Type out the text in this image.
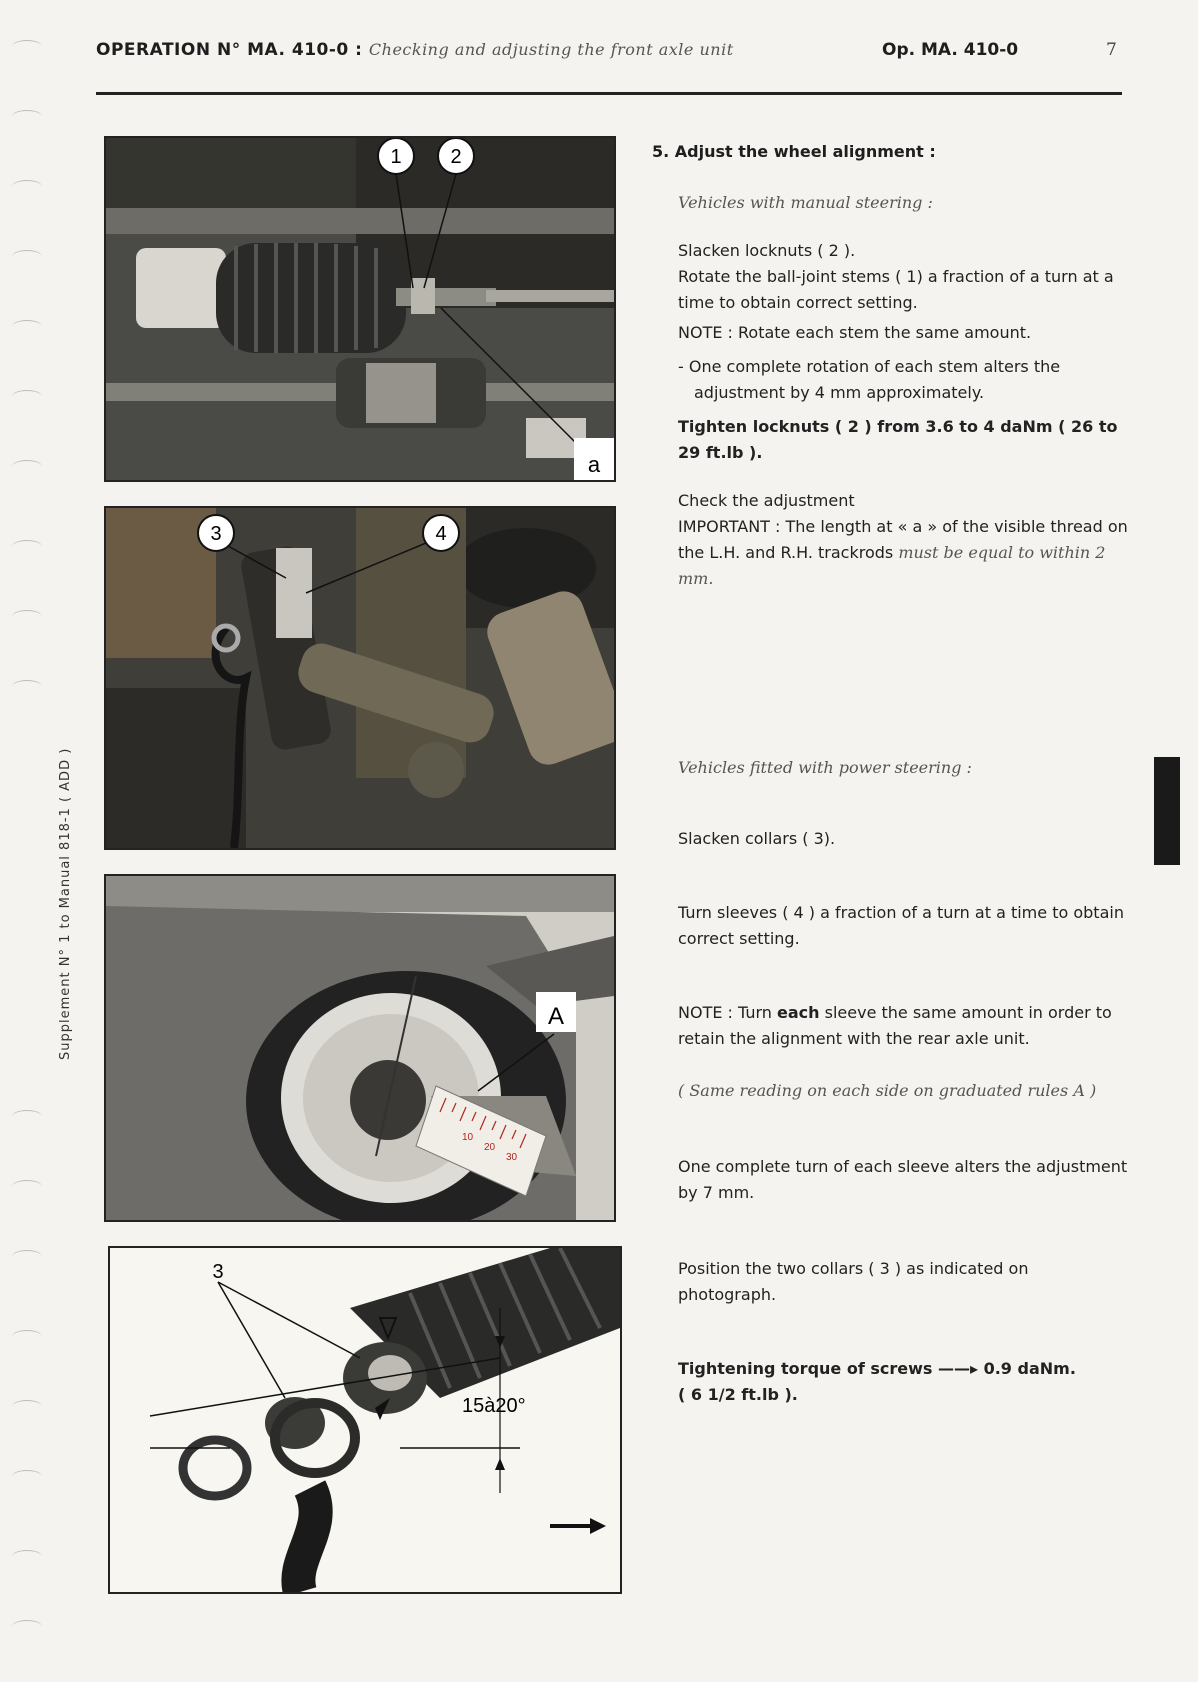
OPERATION N° MA. 410-0 : Checking and adjusting the front axle unit	Op. MA. 410-0	7
Supplement N° 1 to Manual 818-1 ( ADD )
1 2
a
3	4
10
20
30
A
3
15à20°
5. Adjust the wheel alignment :
Vehicles with manual steering :
Slacken locknuts ( 2 ).
Rotate the ball-joint stems ( 1) a fraction of a turn at a time to obtain correct setting.
NOTE : Rotate each stem the same amount.
- One complete rotation of each stem alters the adjustment by 4 mm approximately.
Tighten locknuts ( 2 ) from 3.6 to 4 daNm ( 26 to 29 ft.lb ).
Check the adjustment
IMPORTANT : The length at « a » of the visible thread on the L.H. and R.H. trackrods must be equal to within 2 mm.
Vehicles fitted with power steering :
Slacken collars ( 3).
Turn sleeves ( 4 ) a fraction of a turn at a time to obtain correct setting.
NOTE : Turn each sleeve the same amount in order to retain the alignment with the rear axle unit.
( Same reading on each side on graduated rules A )
One complete turn of each sleeve alters the adjustment by 7 mm.
Position the two collars ( 3 ) as indicated on photograph.
Tightening torque of screws ——▸ 0.9 daNm.
( 6 1/2 ft.lb ).
